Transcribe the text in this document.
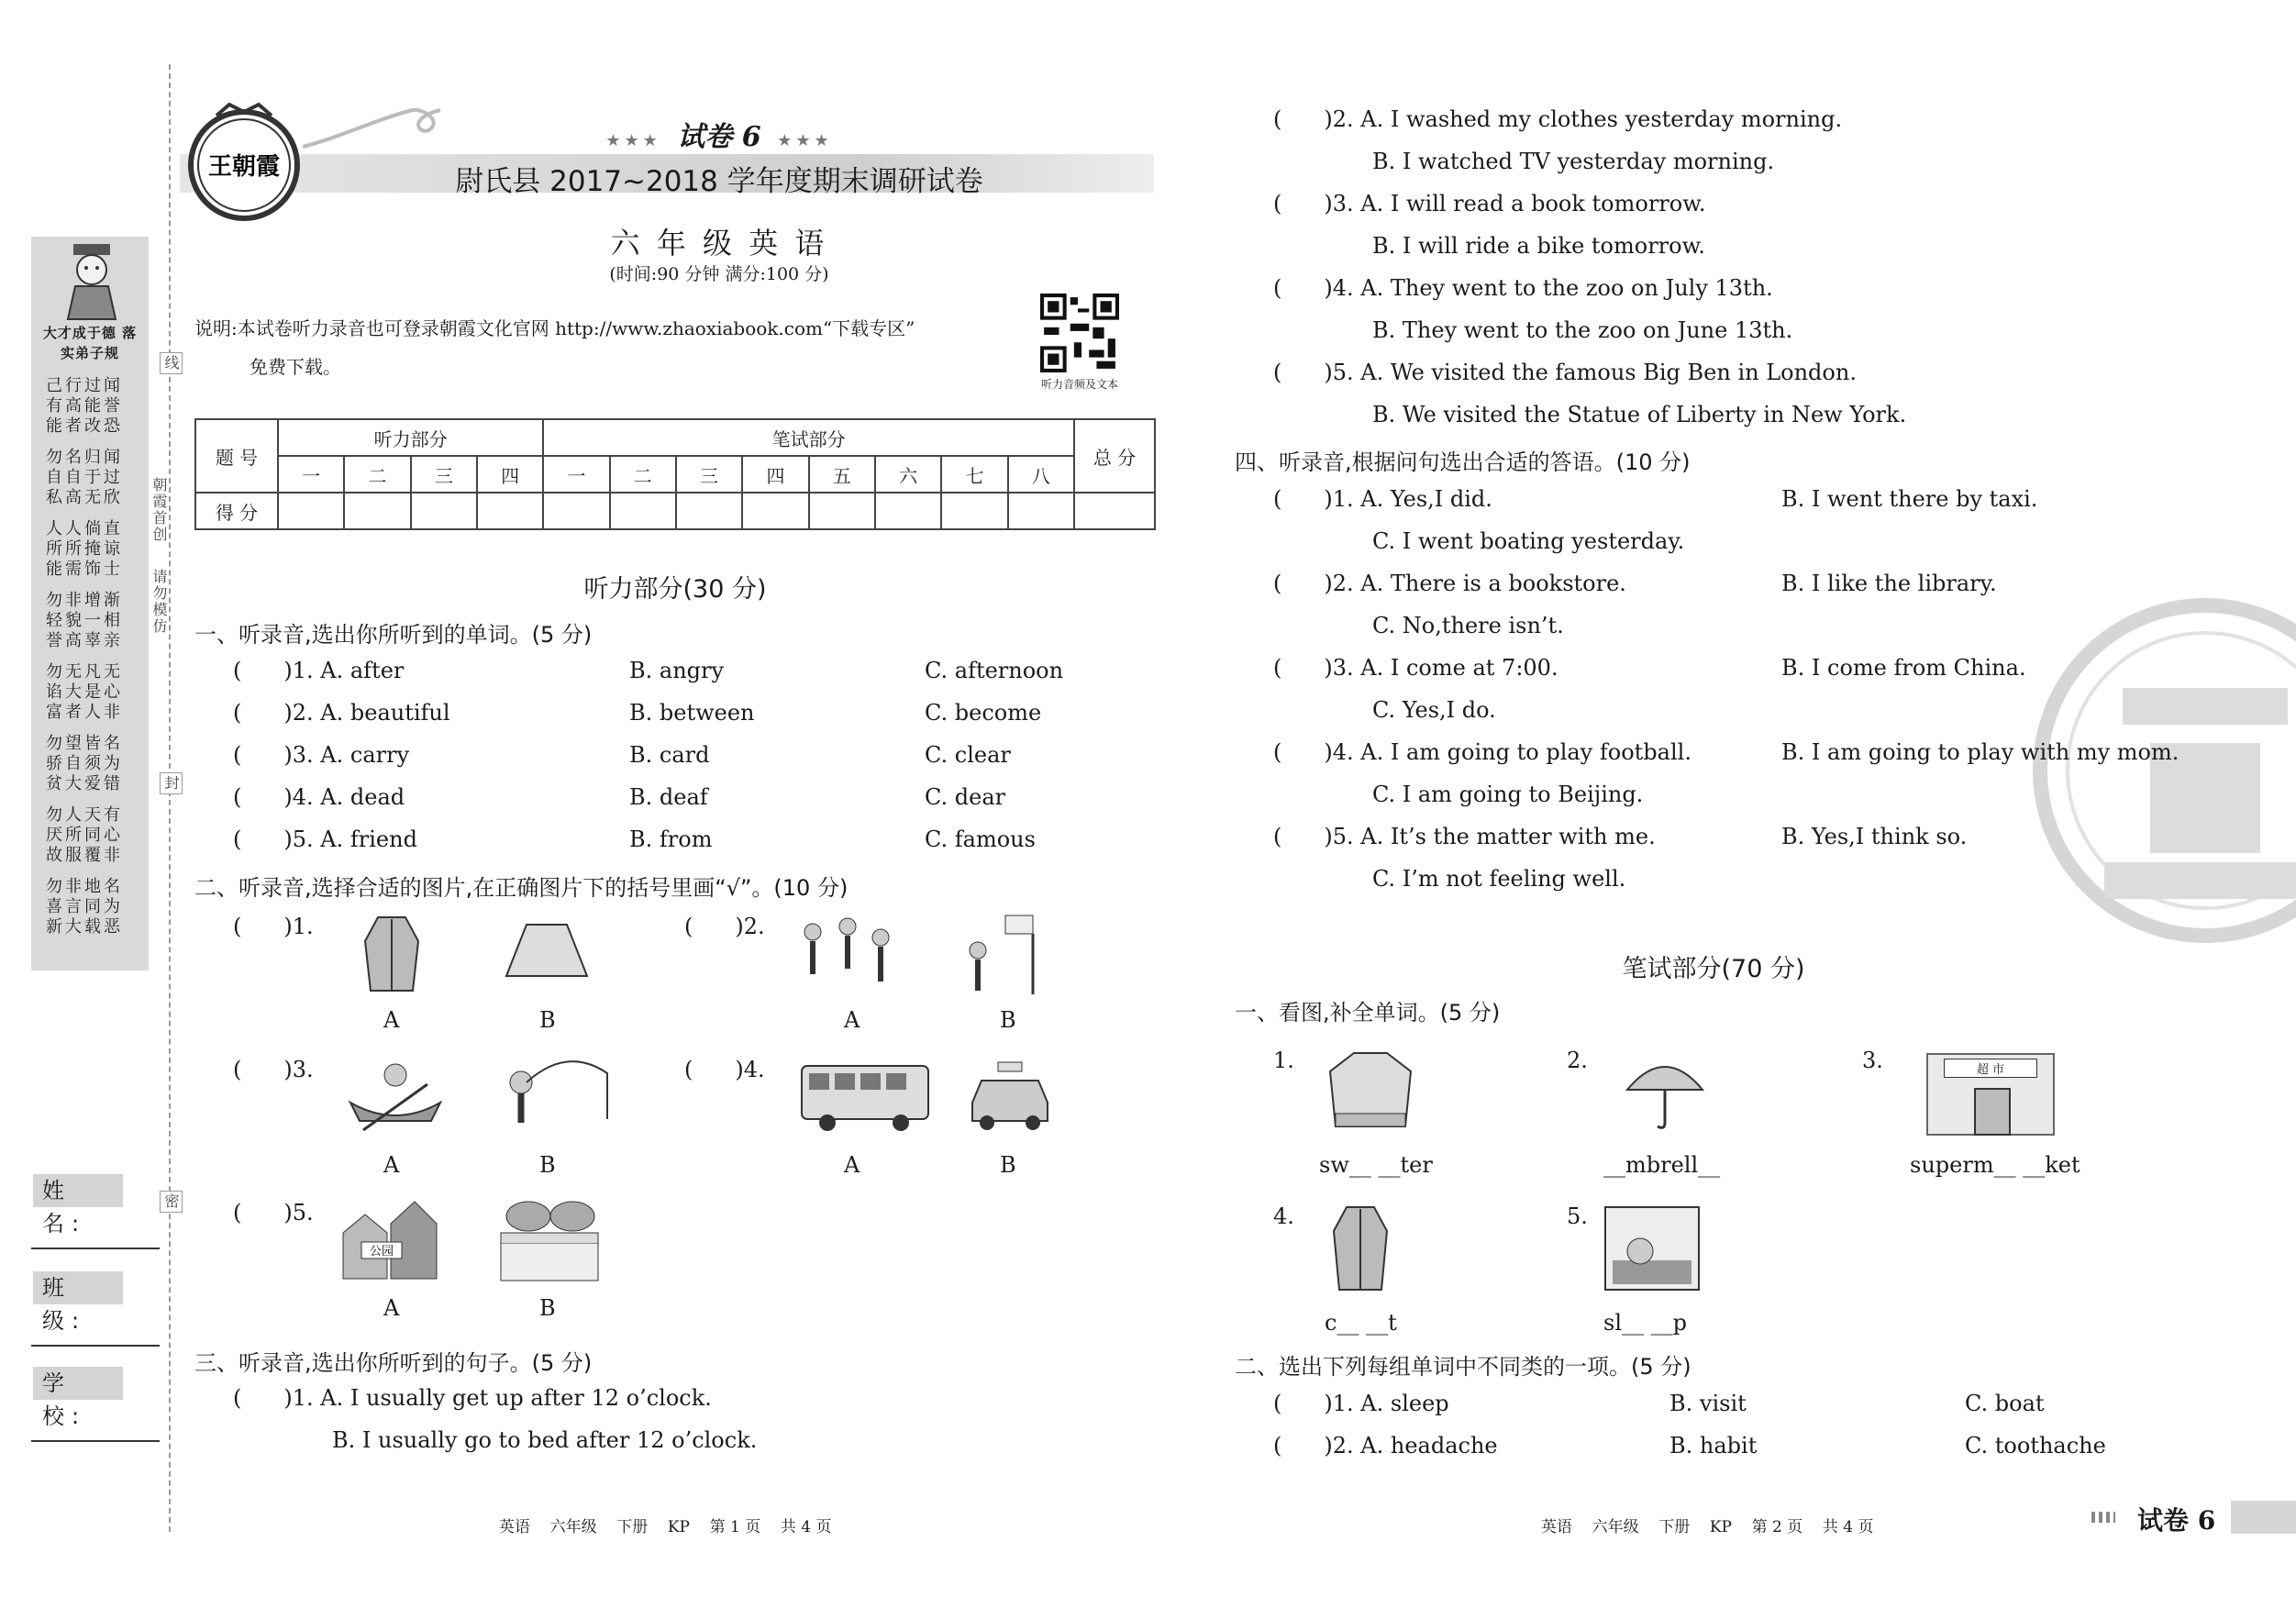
大才成于德 落实弟子规
己行过闻有高能誉能者改恐
勿名归闻自自于过私高无欣
人人倘直所所掩谅能需饰士
勿非增渐轻貌一相誉高辜亲
勿无凡无谄大是心富者人非
勿望皆名骄自须为贫大爱错
勿人天有厌所同心故服覆非
勿非地名喜言同为新大载恶
线
封
密
朝霞首创
请勿模仿
姓 名:
班 级:
学 校:
王朝霞
★★★ 试卷 6 ★★★
尉氏县 2017~2018 学年度期末调研试卷
六 年 级 英 语
(时间:90 分钟 满分:100 分)
说明:本试卷听力录音也可登录朝霞文化官网 http://www.zhaoxiabook.com“下载专区”
免费下载。
听力音频及文本
题 号	听力部分				笔试部分								总 分
	一	二	三	四	一	二	三	四	五	六	七	八	
得 分													
听力部分(30 分)
一、听录音,选出你所听到的单词。(5 分)
( )1. A. after	B. angry	C. afternoon
( )2. A. beautiful	B. between	C. become
( )3. A. carry	B. card	C. clear
( )4. A. dead	B. deaf	C. dear
( )5. A. friend	B. from	C. famous
二、听录音,选择合适的图片,在正确图片下的括号里画“√”。(10 分)
( )1.
A	B
( )2.
A	B
( )3.
A	B
( )4.
A	B
( )5.
公园
A	B
三、听录音,选出你所听到的句子。(5 分)
( )1. A. I usually get up after 12 o’clock.
B. I usually go to bed after 12 o’clock.
( )2. A. I washed my clothes yesterday morning.
B. I watched TV yesterday morning.
( )3. A. I will read a book tomorrow.
B. I will ride a bike tomorrow.
( )4. A. They went to the zoo on July 13th.
B. They went to the zoo on June 13th.
( )5. A. We visited the famous Big Ben in London.
B. We visited the Statue of Liberty in New York.
四、听录音,根据问句选出合适的答语。(10 分)
( )1. A. Yes,I did.	B. I went there by taxi.
C. I went boating yesterday.
( )2. A. There is a bookstore.	B. I like the library.
C. No,there isn’t.
( )3. A. I come at 7:00.	B. I come from China.
C. Yes,I do.
( )4. A. I am going to play football.	B. I am going to play with my mom.
C. I am going to Beijing.
( )5. A. It’s the matter with me.	B. Yes,I think so.
C. I’m not feeling well.
笔试部分(70 分)
一、看图,补全单词。(5 分)
1.
sw__ __ter
2.
__mbrell__
3.	超 市
superm__ __ket
4.
c__ __t
5.
sl__ __p
二、选出下列每组单词中不同类的一项。(5 分)
( )1. A. sleep	B. visit	C. boat
( )2. A. headache	B. habit	C. toothache
英语    六年级    下册    KP    第 1 页    共 4 页	英语    六年级    下册    KP    第 2 页    共 4 页	试卷 6
